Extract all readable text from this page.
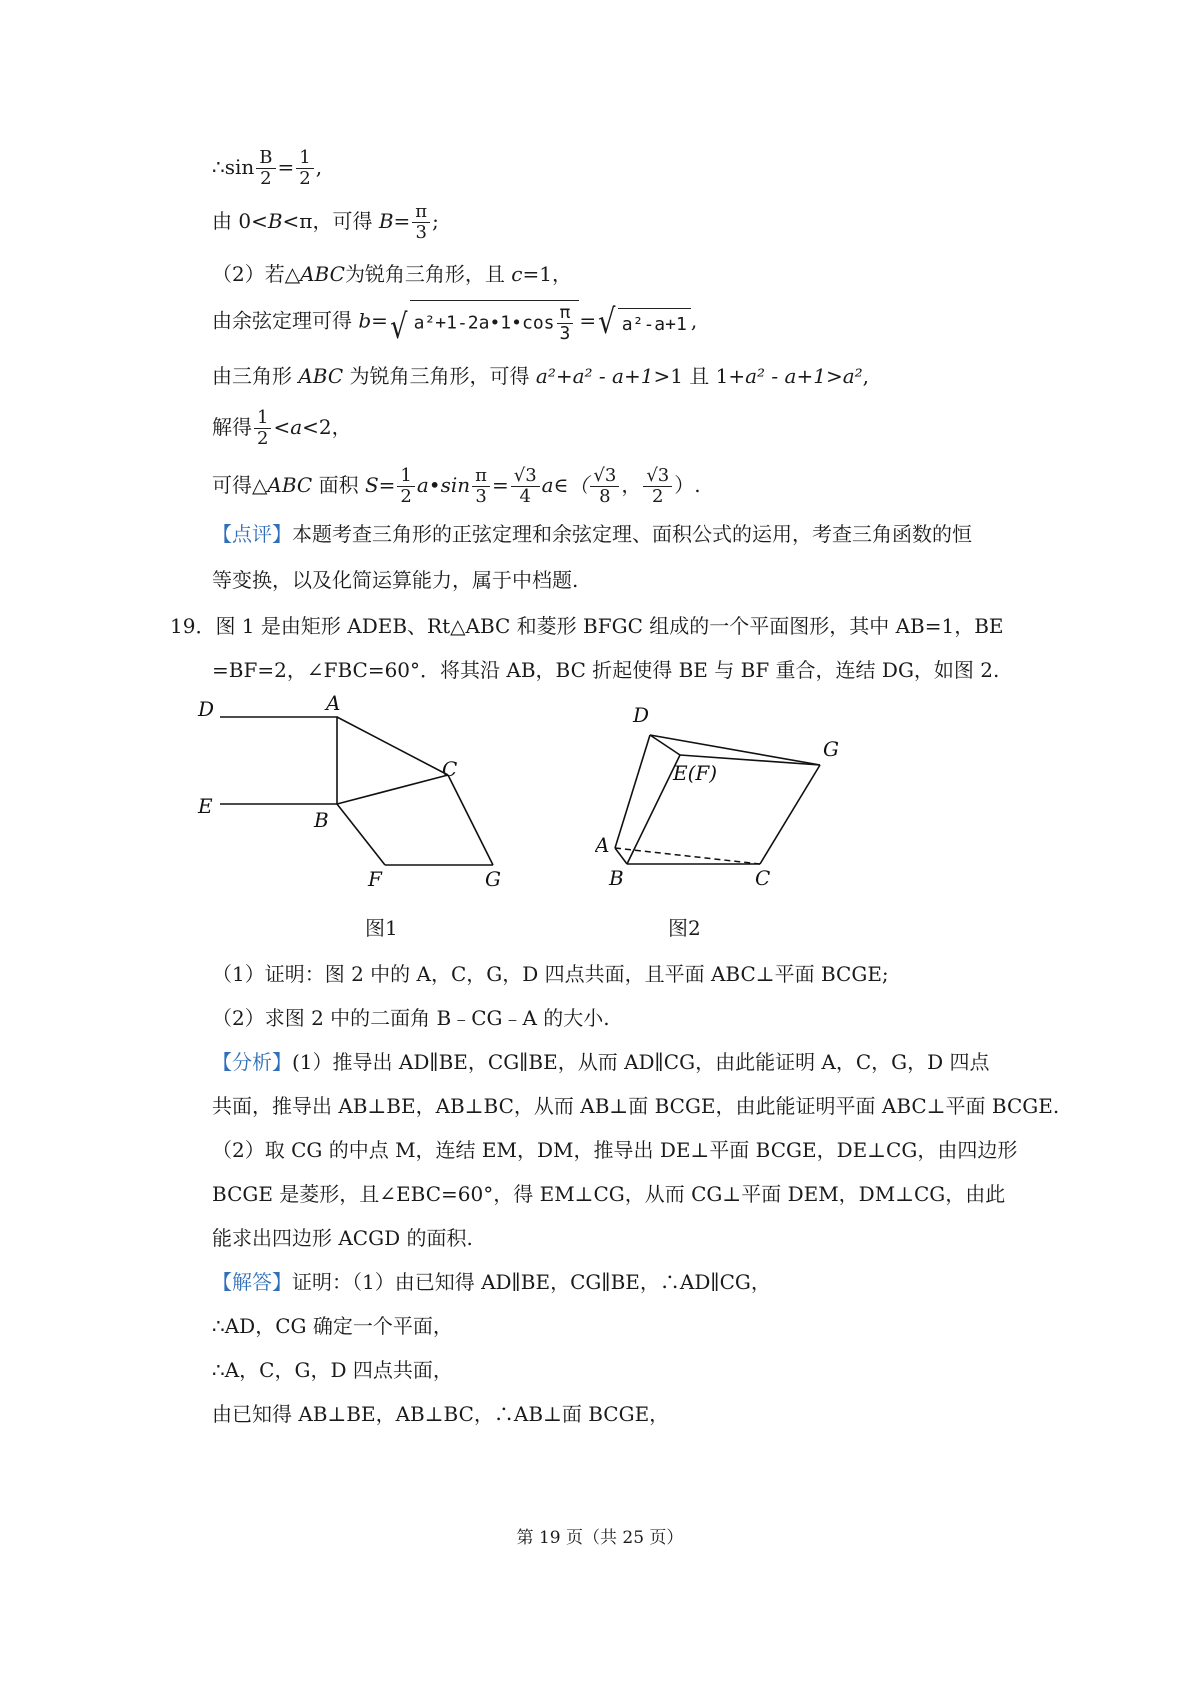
∴sin $\frac{B}{2} = \frac{1}{2}$ ,
由 0<B<π，可得 $B= \frac{\pi}{3}$ ;
（2）若△ABC为锐角三角形，且 c=1，
由余弦定理可得 b= √ a²+1-2a•1•cos $\frac{\pi}{3}$ = √ a²-a+1 ,
由三角形 ABC 为锐角三角形，可得 a²+a² - a+1>1 且 1+a² - a+1>a²,
解得 $\frac{1}{2} <a<2$，
可得△ABC 面积 $S= \frac{1}{2}$ a•sin $\frac{\pi}{3} = \frac{√3}{4}$ a∈（ $\frac{√3}{8}$ ， $\frac{√3}{2}$ ）.
【点评】本题考查三角形的正弦定理和余弦定理、面积公式的运用，考查三角函数的恒
等变换，以及化简运算能力，属于中档题.
19．图 1 是由矩形 ADEB、Rt△ABC 和菱形 BFGC 组成的一个平面图形，其中 AB=1，BE
=BF=2，∠FBC=60°．将其沿 AB，BC 折起使得 BE 与 BF 重合，连结 DG，如图 2.
D	A
E
B
C
F	G
图1
D
G
E(F)
A
B	C
图2
（1）证明：图 2 中的 A，C，G，D 四点共面，且平面 ABC⊥平面 BCGE;
（2）求图 2 中的二面角 B﹣CG﹣A 的大小.
【分析】(1）推导出 AD∥BE，CG∥BE，从而 AD∥CG，由此能证明 A，C，G，D 四点
共面，推导出 AB⊥BE，AB⊥BC，从而 AB⊥面 BCGE，由此能证明平面 ABC⊥平面 BCGE.
（2）取 CG 的中点 M，连结 EM，DM，推导出 DE⊥平面 BCGE，DE⊥CG，由四边形
BCGE 是菱形，且∠EBC=60°，得 EM⊥CG，从而 CG⊥平面 DEM，DM⊥CG，由此
能求出四边形 ACGD 的面积.
【解答】证明：（1）由已知得 AD∥BE，CG∥BE，∴AD∥CG，
∴AD，CG 确定一个平面，
∴A，C，G，D 四点共面，
由已知得 AB⊥BE，AB⊥BC，∴AB⊥面 BCGE，
第 19 页（共 25 页）
